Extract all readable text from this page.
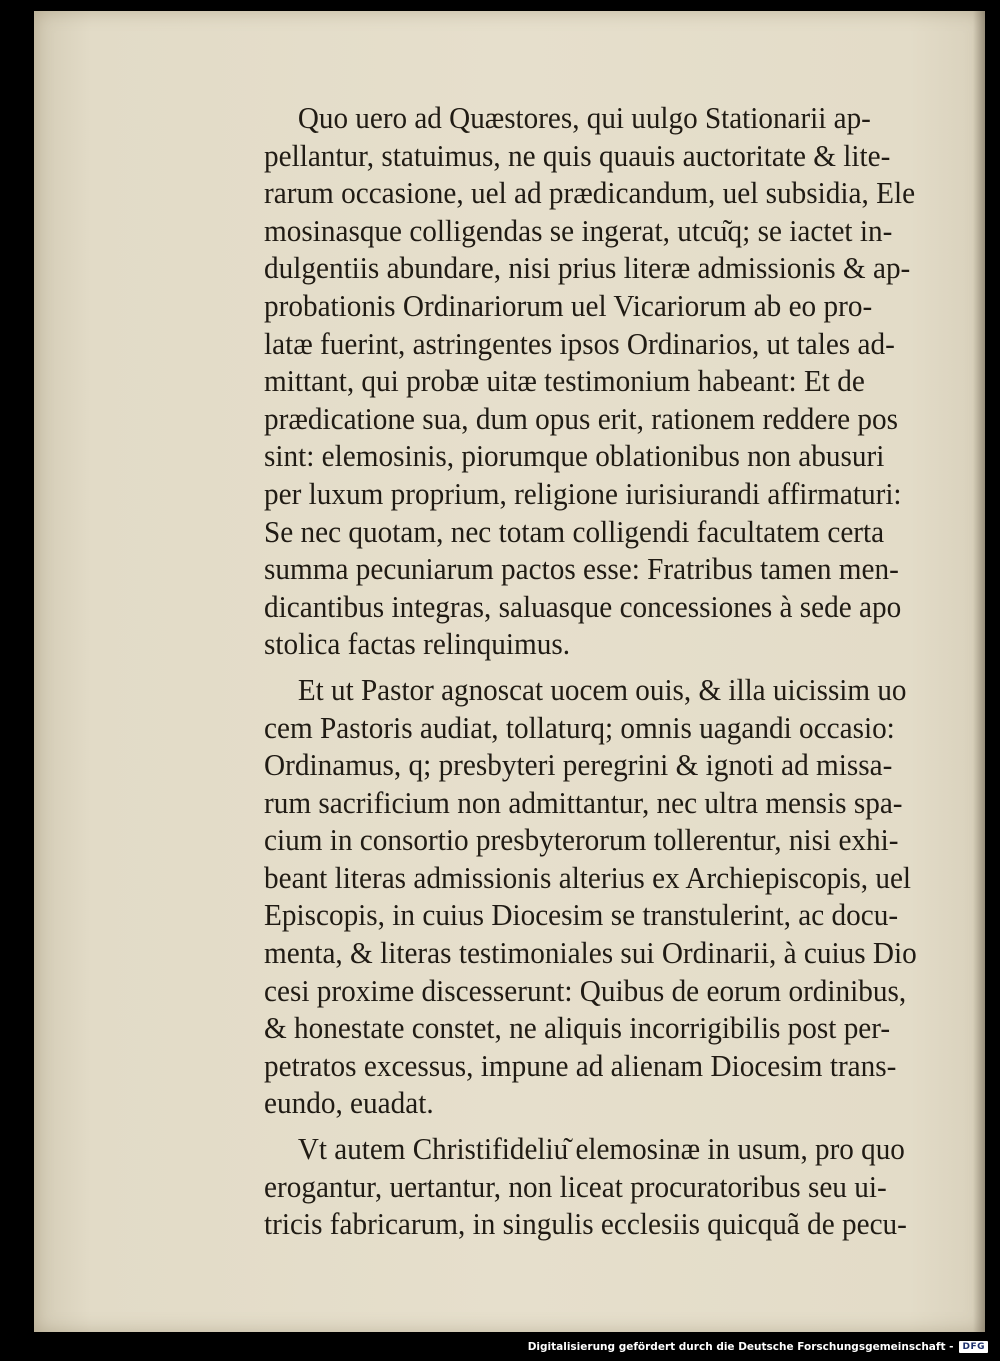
Quo uero ad Quæstores, qui uulgo Stationarii ap-
pellantur, statuimus, ne quis quauis auctoritate & lite-
rarum occasione, uel ad prædicandum, uel subsidia, Ele
mosinasque colligendas se ingerat, utcu͂q; se iactet in-
dulgentiis abundare, nisi prius literæ admissionis & ap-
probationis Ordinariorum uel Vicariorum ab eo pro-
latæ fuerint, astringentes ipsos Ordinarios, ut tales ad-
mittant, qui probæ uitæ testimonium habeant: Et de
prædicatione sua, dum opus erit, rationem reddere pos
sint: elemosinis, piorumque oblationibus non abusuri
per luxum proprium, religione iurisiurandi affirmaturi:
Se nec quotam, nec totam colligendi facultatem certa
summa pecuniarum pactos esse: Fratribus tamen men-
dicantibus integras, saluasque concessiones à sede apo
stolica factas relinquimus.
Et ut Pastor agnoscat uocem ouis, & illa uicissim uo
cem Pastoris audiat, tollaturq; omnis uagandi occasio:
Ordinamus, q; presbyteri peregrini & ignoti ad missa-
rum sacrificium non admittantur, nec ultra mensis spa-
cium in consortio presbyterorum tollerentur, nisi exhi-
beant literas admissionis alterius ex Archiepiscopis, uel
Episcopis, in cuius Diocesim se transtulerint, ac docu-
menta, & literas testimoniales sui Ordinarii, à cuius Dio
cesi proxime discesserunt: Quibus de eorum ordinibus,
& honestate constet, ne aliquis incorrigibilis post per-
petratos excessus, impune ad alienam Diocesim trans-
eundo, euadat.
Vt autem Christifideliu͂ elemosinæ in usum, pro quo
erogantur, uertantur, non liceat procuratoribus seu ui-
tricis fabricarum, in singulis ecclesiis quicquã de pecu-
Digitalisierung gefördert durch die Deutsche Forschungsgemeinschaft -	DFG
